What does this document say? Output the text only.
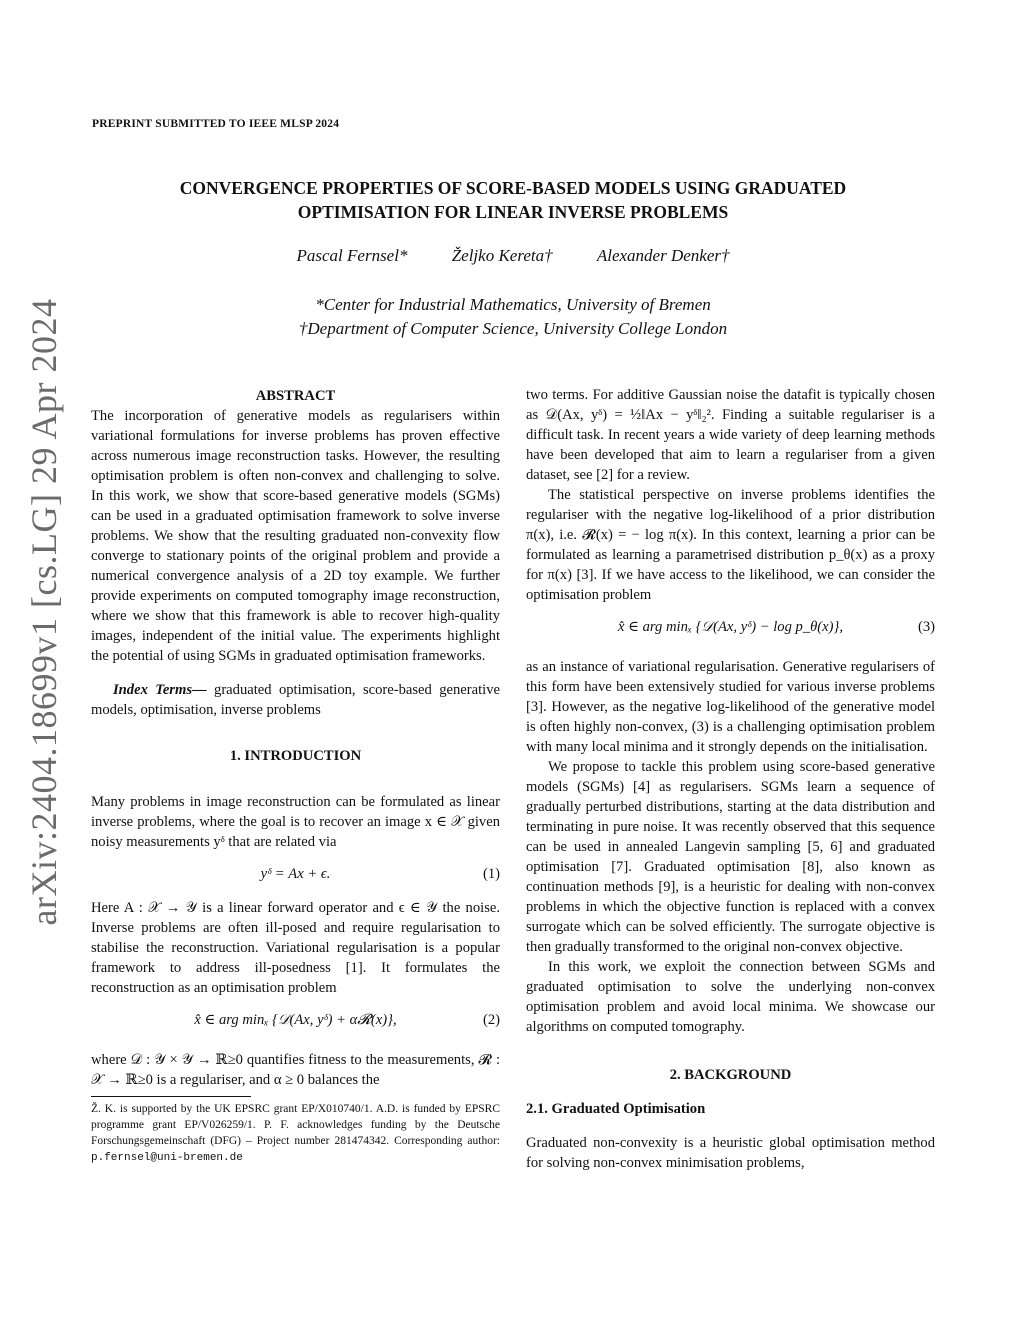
PREPRINT SUBMITTED TO IEEE MLSP 2024
CONVERGENCE PROPERTIES OF SCORE-BASED MODELS USING GRADUATED
OPTIMISATION FOR LINEAR INVERSE PROBLEMS
Pascal Fernsel*	Željko Kereta†	Alexander Denker†
*Center for Industrial Mathematics, University of Bremen
†Department of Computer Science, University College London
arXiv:2404.18699v1 [cs.LG] 29 Apr 2024	ABSTRACT

The incorporation of generative models as regularisers within variational formulations for inverse problems has proven effective across numerous image reconstruction tasks. However, the resulting optimisation problem is often non-convex and challenging to solve. In this work, we show that score-based generative models (SGMs) can be used in a graduated optimisation framework to solve inverse problems. We show that the resulting graduated non-convexity flow converge to stationary points of the original problem and provide a numerical convergence analysis of a 2D toy example. We further provide experiments on computed tomography image reconstruction, where we show that this framework is able to recover high-quality images, independent of the initial value. The experiments highlight the potential of using SGMs in graduated optimisation frameworks.

Index Terms— graduated optimisation, score-based generative models, optimisation, inverse problems

1. INTRODUCTION

Many problems in image reconstruction can be formulated as linear inverse problems, where the goal is to recover an image x ∈ 𝒳 given noisy measurements yᵟ that are related via

yᵟ = Ax + ϵ.	(1)

Here A : 𝒳 → 𝒴 is a linear forward operator and ϵ ∈ 𝒴 the noise. Inverse problems are often ill-posed and require regularisation to stabilise the reconstruction. Variational regularisation is a popular framework to address ill-posedness [1]. It formulates the reconstruction as an optimisation problem

x̂ ∈ arg minₓ {𝒟(Ax, yᵟ) + α𝓡(x)},	(2)

where 𝒟 : 𝒴 × 𝒴 → ℝ≥0 quantifies fitness to the measurements, 𝓡 : 𝒳 → ℝ≥0 is a regulariser, and α ≥ 0 balances the

Ž. K. is supported by the UK EPSRC grant EP/X010740/1. A.D. is funded by EPSRC programme grant EP/V026259/1. P. F. acknowledges funding by the Deutsche Forschungsgemeinschaft (DFG) – Project number 281474342. Corresponding author: p.fernsel@uni-bremen.de

two terms. For additive Gaussian noise the datafit is typically chosen as 𝒟(Ax, yᵟ) = ½‖Ax − yᵟ‖₂². Finding a suitable regulariser is a difficult task. In recent years a wide variety of deep learning methods have been developed that aim to learn a regulariser from a given dataset, see [2] for a review.

The statistical perspective on inverse problems identifies the regulariser with the negative log-likelihood of a prior distribution π(x), i.e. 𝓡(x) = − log π(x). In this context, learning a prior can be formulated as learning a parametrised distribution p_θ(x) as a proxy for π(x) [3]. If we have access to the likelihood, we can consider the optimisation problem

x̂ ∈ arg minₓ {𝒟(Ax, yᵟ) − log p_θ(x)},	(3)

as an instance of variational regularisation. Generative regularisers of this form have been extensively studied for various inverse problems [3]. However, as the negative log-likelihood of the generative model is often highly non-convex, (3) is a challenging optimisation problem with many local minima and it strongly depends on the initialisation.

We propose to tackle this problem using score-based generative models (SGMs) [4] as regularisers. SGMs learn a sequence of gradually perturbed distributions, starting at the data distribution and terminating in pure noise. It was recently observed that this sequence can be used in annealed Langevin sampling [5, 6] and graduated optimisation [7]. Graduated optimisation [8], also known as continuation methods [9], is a heuristic for dealing with non-convex problems in which the objective function is replaced with a convex surrogate which can be solved efficiently. The surrogate objective is then gradually transformed to the original non-convex objective.

In this work, we exploit the connection between SGMs and graduated optimisation to solve the underlying non-convex optimisation problem and avoid local minima. We showcase our algorithms on computed tomography.

2. BACKGROUND
2.1. Graduated Optimisation

Graduated non-convexity is a heuristic global optimisation method for solving non-convex minimisation problems,
